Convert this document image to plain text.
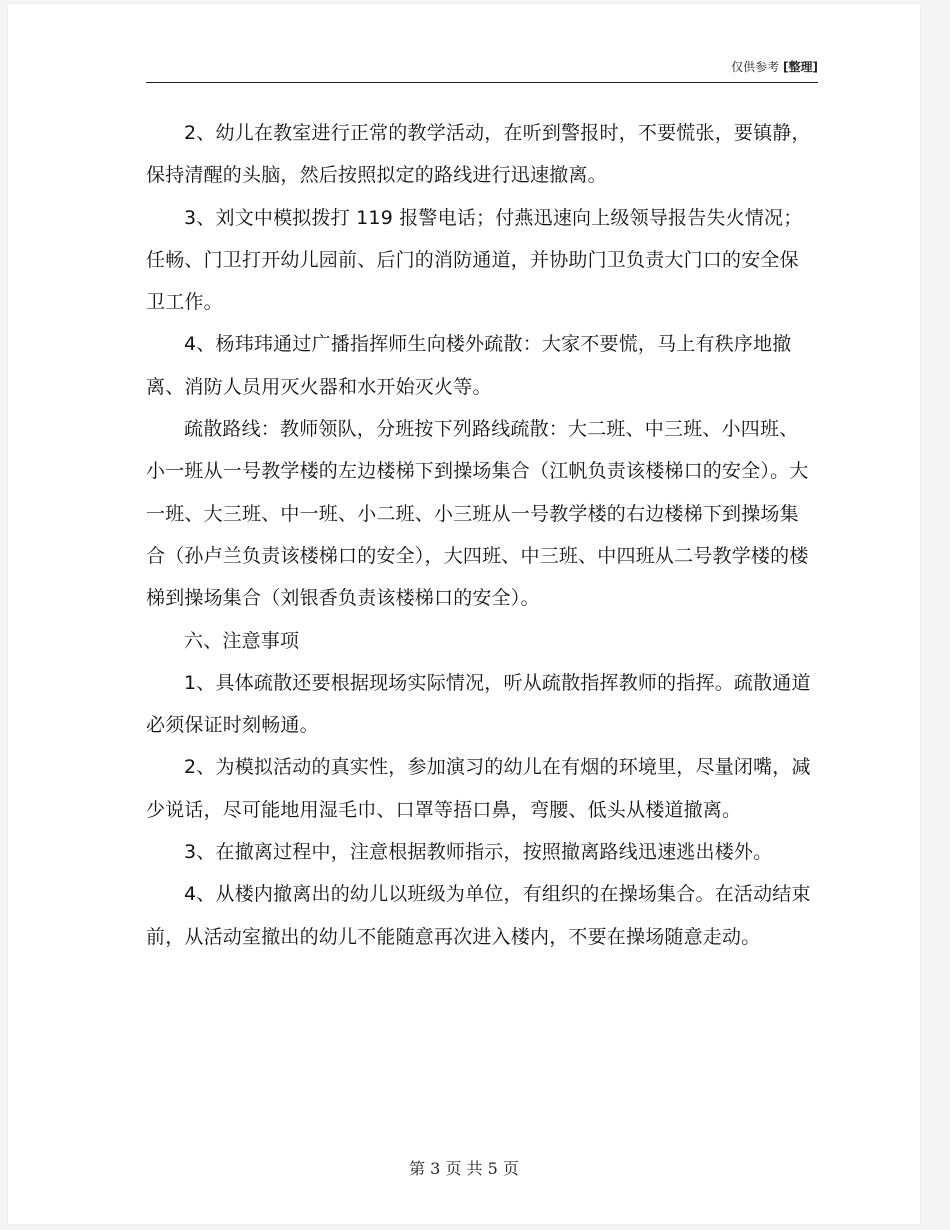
仅供参考 [整理]

2、幼儿在教室进行正常的教学活动，在听到警报时，不要慌张，要镇静，保持清醒的头脑，然后按照拟定的路线进行迅速撤离。

3、刘文中模拟拨打 119 报警电话；付燕迅速向上级领导报告失火情况；任畅、门卫打开幼儿园前、后门的消防通道，并协助门卫负责大门口的安全保卫工作。

4、杨玮玮通过广播指挥师生向楼外疏散：大家不要慌，马上有秩序地撤离、消防人员用灭火器和水开始灭火等。

疏散路线：教师领队，分班按下列路线疏散：大二班、中三班、小四班、小一班从一号教学楼的左边楼梯下到操场集合（江帆负责该楼梯口的安全）。大一班、大三班、中一班、小二班、小三班从一号教学楼的右边楼梯下到操场集合（孙卢兰负责该楼梯口的安全），大四班、中三班、中四班从二号教学楼的楼梯到操场集合（刘银香负责该楼梯口的安全）。

六、注意事项

1、具体疏散还要根据现场实际情况，听从疏散指挥教师的指挥。疏散通道必须保证时刻畅通。

2、为模拟活动的真实性，参加演习的幼儿在有烟的环境里，尽量闭嘴，减少说话，尽可能地用湿毛巾、口罩等捂口鼻，弯腰、低头从楼道撤离。

3、在撤离过程中，注意根据教师指示，按照撤离路线迅速逃出楼外。

4、从楼内撤离出的幼儿以班级为单位，有组织的在操场集合。在活动结束前，从活动室撤出的幼儿不能随意再次进入楼内，不要在操场随意走动。

第 3 页 共 5 页
